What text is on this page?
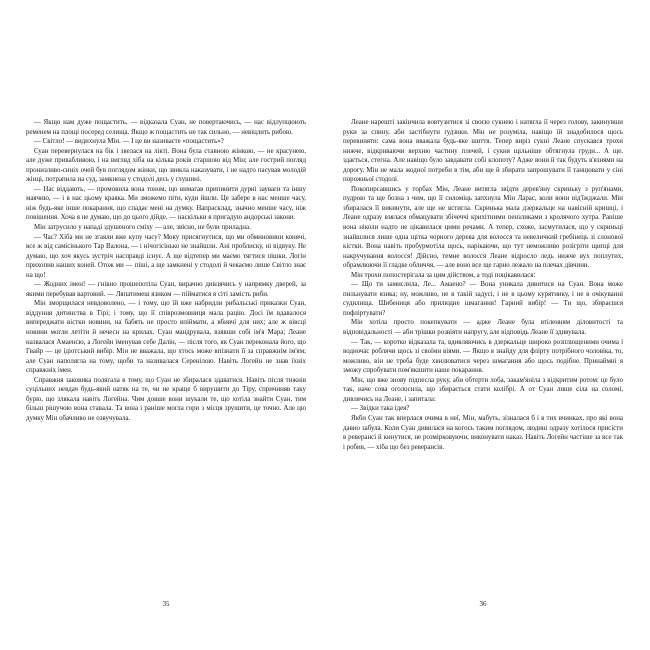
— Якщо нам дуже пощастить, — відказала Суан, не повертаючись, — нас відлупцюють ременем на площі посеред селища. Якщо ж пощастить не так сильно, — невіцлить рибою.

— Світло! — видихнула Мін. — І це ви називаєте «пощастить»?

Суан перевернулася на бік і звелася на лікті. Вона була ставною жінкою, — не красунею, але дуже привабливою, і на вигляд хіба на кілька років старшою від Мін; але гострий погляд пронизливо-синіх очей був поглядом жінки, що звикла наказувати, і не надто пасував молодій жінці, потрапила на суд, замкнена у стодолі десь у глушині.

— Нас віддають, — промовила вона тоном, що вимагав припинити дурні зауваги та іншу маячню, — і в нас цьому краяка. Ми зможемо піти, куди йшли. Це забере в нас менше часу, ніж будь-яке інше покарання, що спадає мені на думку. Напрасклад, значно менше часу, ніж повішення. Хоча я не думаю, що до цього дійде, — наскільки я пригадую андорські закони.

Мін затрусило у нападі здушеного сміху — але, звісно, не були приладна.

— Час? Хіба ми не згаяли вже купу часу? Моку присягнутися, що ми обминовини конячі, все ж від самісінького Тар Валона, — і нічогісінько не знайшли. Ані проблиску, ні відвуку. Не думаю, що хоч якусь зустріч насправді існує. А ще відтепер ми маємо тягтися пішки. Логін прихопив наших коней. Отож ми — пішi, а ще замкнені у стодолі й чекаємо лише Світло знає на що!

— Жодних імен! — гнівно прошепотіла Суан, вирачно дивлячись у напрямку дверей, за якими перебував вартовий. — Ляпатимеш язиком — пійматися в сіті замість риби.

Мін зморщилася невдоволено, — і тому, що їй вже набридли рибальські приказки Суан, віддуння дитинства в Тірі; і тому, що її співрозмовниця мала рацію. Досі їм вдавалося випереджати вістки новини, на бабять не просто впіймати, а вбивчі для них; але ж вівсці новини могли летіти й нечесн на крилах. Суан мандрувала, взявши собі ім'я Мара; Леане назвалася Амаенсю, а Логейн іменував себе Далін, — після того, як Суан переконала його, що Гвайр — це ідіотський вибір. Мін не вважала, що хтось може впізнати її за справжнім ім'ям; але Суан наполягла на тому, щоби та називалася Серенілою. Навіть Логейн не знав їхніх справжніх імен.

Справжня заковика полягала в тому, що Суан не збиралася здаватися. Навіть після тижнів суцільних невдач будь-який натяк на те, чи не краще б вирушити до Тіру, спричиняв таку бурю, що злякала навіть Логейна. Чим довше вони шукали те, що хотіла знайти Суан, тим більш рішучою вона ставала. Та вона і раніше могла гори з місця зрушити, це точно. Але цю думку Мін обачливо не озвучувала.

35

Леане нарешті закінчила вовтузитися зі своєю сукнею і натягла її через голову, закинувши руки за спину, аби застібнути ґудзики. Мін не розуміла, навіщо їй знадобилося щось перевиняти: сама вона вважала будь-яке шиття. Тепер виріз сукні Леане спускався трохи нижче, відкриваючи верхню частину плечей, і сукня щільніше обтягнула груди... А ще, здається, стегна. Але навіщо було завдавати собі клопоту? Адже вони й так будуть в'язнями на дорогу, Мін не мала жодної потреби в тім, аби ще й збирати запрошувати її танцювати у сіні порожньої стодолі.

Покопирсавшись у торбах Мін, Леане витягла звідти дерев'яну скриньку з руп'янами, пудрою та ще бозна з чим, що її силоміць запхнула Мін Ларас, коли вони від'їжджали. Мін збиралася її викинути, але ще не встигла. Скринька мала дзеркальце на навісній кришці, і Леане одразу взялася обмацувати збічеччі крихітними пензликами з кролячого хутра. Раніше вона ніколи надто не цікавилася цими речами. А тепер, схоже, засмутилася, що у скриньці знайшлися лише одна щітка чорного дерева для волосся та невеличкий гребінець зі слонової кістки. Вона навіть пробурмотіла щось, нарікаючи, що тут неможливо розігріти щипці для накручування волосся! Дійсно, темне волосся Леане відросло ледь нижче вух поплутих, обрамлюючи її гладке обличчя, — але воно все ще гарно лежало на плечах дівчини.

Мін трохи попостерігала за цим дійством, а тоді поцікавилася:

— Що ти замислила, Ле... Амаено? — Вона уникала дивитися на Суан. Вона може пильнувати язика; ну, можливо, не в такій задусі, і не в цьому курятнику, і не в очікуванні судилища. Шибениця або прилюдне шмагання! Гарний вибір! — Ти що, збираєшся пофліртувати?

Мін хотіла просто покепкувати — адже Леане була втіленням діловитості та відповідальності — аби трішки розвіяти напругу, але відповідь Леане її здивувала.

— Так, — коротко відказала та, вдивляючись в дзеркальце широко розплющеними очима і водночас роблячи щось зі своїми віями. — Якщо я знайду для фліртy потрібного чоловіка, то, можливо, він не треба буде хвилюватися через шмагання або щось подібне. Принаймні я зможу спробувати пом'якшити наше покарання.

Мін, що вже знову підпесла руку, аби обтерти лоба, закам'яніла з відкритим ротом: це було так, наче сова оголосила, що збирається стати колібрі. А от Суан лише сіла на соломі, дивлячись на Леане, і запитала:

— Звідки така ідея?

Якби Суан так вперлася очима в неї, Мін, мабуть, зізналася б і в тих вчинках, про які вона давно забула. Коли Суан дивилася на когось таким поглядом, людині одразу хотілося присісти в реверансі й кинутися, не розмірковуючи, виконувати наказ. Навіть Логейн частіше за все так і робив, — хіба що без реверансів.

36
